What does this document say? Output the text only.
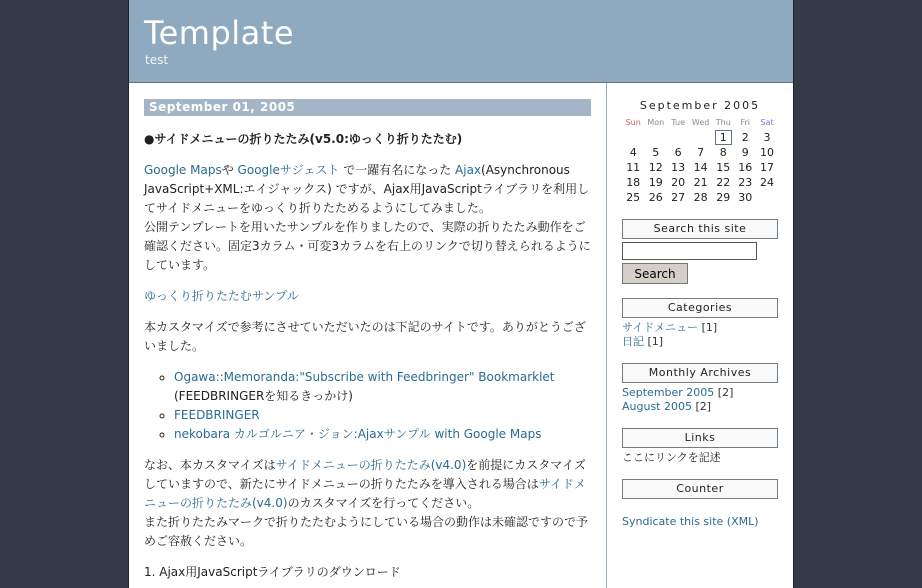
Template
test
September 01, 2005
●サイドメニューの折りたたみ(v5.0:ゆっくり折りたたむ)

Google Mapsや Googleサジェスト で一躍有名になった Ajax(Asynchronous JavaScript+XML:エイジャックス) ですが、Ajax用JavaScriptライブラリを利用してサイドメニューをゆっくり折りたためるようにしてみました。
公開テンプレートを用いたサンプルを作りましたので、実際の折りたたみ動作をご確認ください。固定3カラム・可変3カラムを右上のリンクで切り替えられるようにしています。

ゆっくり折りたたむサンプル

本カスタマイズで参考にさせていただいたのは下記のサイトです。ありがとうございました。

◦ Ogawa::Memoranda:"Subscribe with Feedbringer" Bookmarklet
(FEEDBRINGERを知るきっかけ)
◦ FEEDBRINGER
◦ nekobara カルゴルニア・ジョン:Ajaxサンプル with Google Maps

なお、本カスタマイズはサイドメニューの折りたたみ(v4.0)を前提にカスタマイズしていますので、新たにサイドメニューの折りたたみを導入される場合はサイドメニューの折りたたみ(v4.0)のカスタマイズを行ってください。
また折りたたみマークで折りたたむようにしている場合の動作は未確認ですので予めご容赦ください。

1. Ajax用JavaScriptライブラリのダウンロード

September 2005
Sun	Mon	Tue	Wed	Thu	Fri	Sat
				1	2	3
4	5	6	7	8	9	10
11	12	13	14	15	16	17
18	19	20	21	22	23	24
25	26	27	28	29	30	
Search this site
Search
Categories
サイドメニュー [1]
日記 [1]
Monthly Archives
September 2005 [2]
August 2005 [2]
Links
ここにリンクを記述
Counter
Syndicate this site (XML)
